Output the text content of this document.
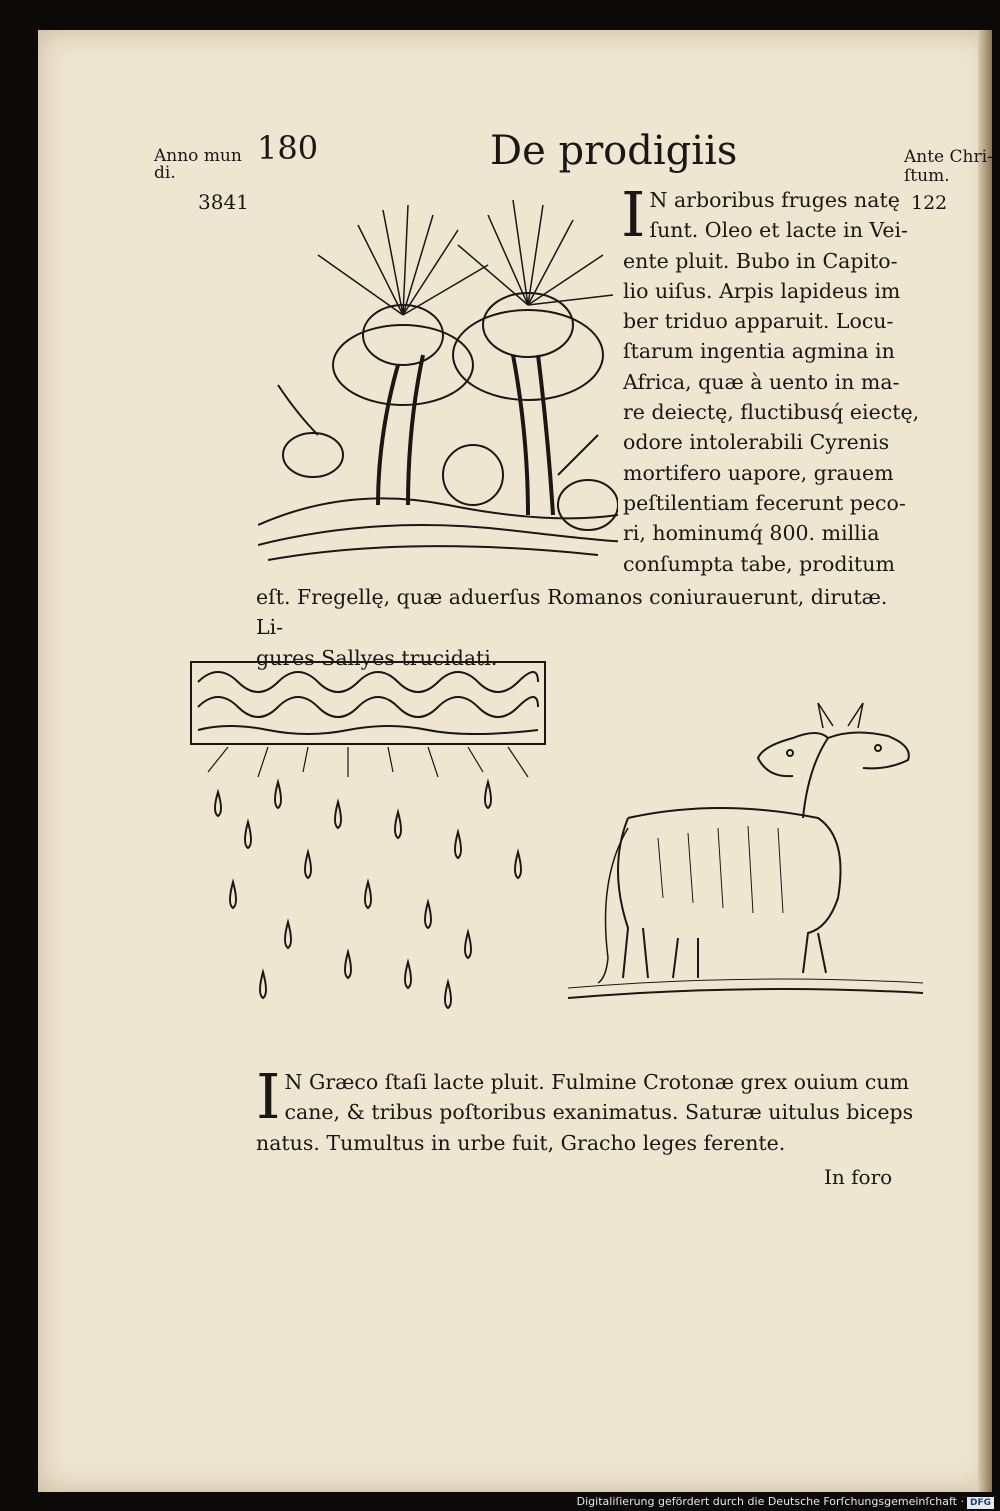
Anno mun
di.
180	De prodigiis	Ante Chri-
ſtum.
3841	122
I N arboribus fruges natę
ſunt. Oleo et lacte in Vei-
ente pluit. Bubo in Capito-
lio uiſus. Arpis lapideus im
ber triduo apparuit. Locu-
ſtarum ingentia agmina in
Africa, quæ à uento in ma-
re deiectę, fluctibusq́ eiectę,
odore intolerabili Cyrenis
mortifero uapore, grauem
peſtilentiam fecerunt peco-
ri, hominumq́ 800. millia
conſumpta tabe, proditum
eſt. Fregellę, quæ aduerſus Romanos coniurauerunt, dirutæ. Li-
gures Sallyes trucidati.
I N Græco ſtaſi lacte pluit. Fulmine Crotonæ grex ouium cum
cane, & tribus poſtoribus exanimatus. Saturæ uitulus biceps
natus. Tumultus in urbe fuit, Gracho leges ferente.
In foro
Digitaliſierung gefördert durch die Deutsche Forſchungsgemeinſchaft · DFG
